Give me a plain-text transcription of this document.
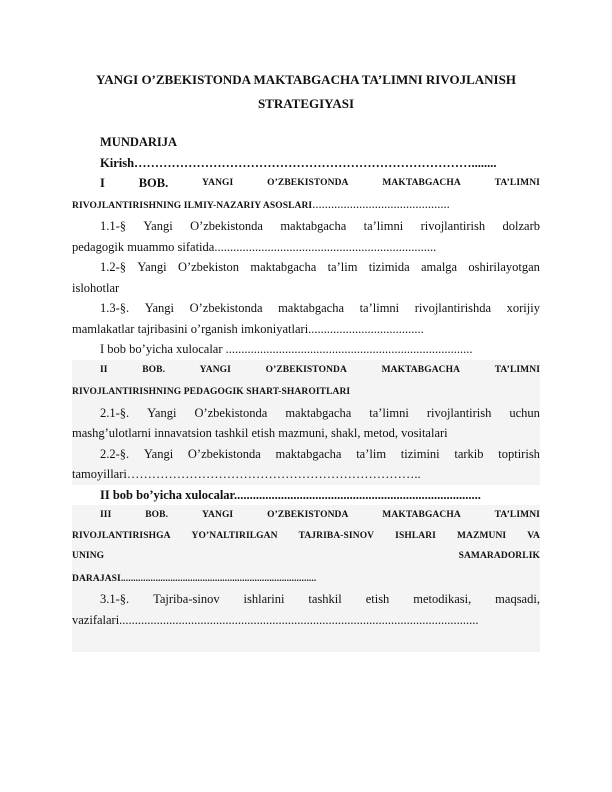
YANGI O’ZBEKISTONDA MAKTABGACHA TA’LIMNI RIVOJLANISH
STRATEGIYASI
MUNDARIJA
Kirish………………………………………………………………………........
I	BOB.	YANGI	O’ZBEKISTONDA	MAKTABGACHA	TA’LIMNI
RIVOJLANTIRISHNING ILMIY-NAZARIY ASOSLARI............................................
1.1-§ Yangi O’zbekistonda maktabgacha ta’limni rivojlantirish dolzarb
pedagogik muammo sifatida.......................................................................
1.2-§ Yangi O’zbekiston maktabgacha ta’lim tizimida amalga oshirilayotgan
islohotlar
1.3-§. Yangi O’zbekistonda maktabgacha ta’limni rivojlantirishda xorijiy
mamlakatlar tajribasini o’rganish imkoniyatlari.....................................
I bob bo’yicha xulocalar ...............................................................................
II	BOB.	YANGI	O’ZBEKISTONDA	MAKTABGACHA	TA’LIMNI
RIVOJLANTIRISHNING PEDAGOGIK SHART-SHAROITLARI
2.1-§. Yangi O’zbekistonda maktabgacha ta’limni rivojlantirish uchun
mashg’ulotlarni innavatsion tashkil etish mazmuni, shakl, metod, vositalari
2.2-§. Yangi O’zbekistonda maktabgacha ta’lim tizimini tarkib toptirish
tamoyillari……………………………………………………………..
II bob bo’yicha xulocalar...............................................................................
III	BOB.	YANGI	O’ZBEKISTONDA	MAKTABGACHA	TA’LIMNI
RIVOJLANTIRISHGA YO’NALTIRILGAN TAJRIBA-SINOV ISHLARI MAZMUNI VA
UNING	SAMARADORLIK
DARAJASI...............................................................................
3.1-§. Tajriba-sinov ishlarini tashkil etish metodikasi, maqsadi,
vazifalari...................................................................................................................
